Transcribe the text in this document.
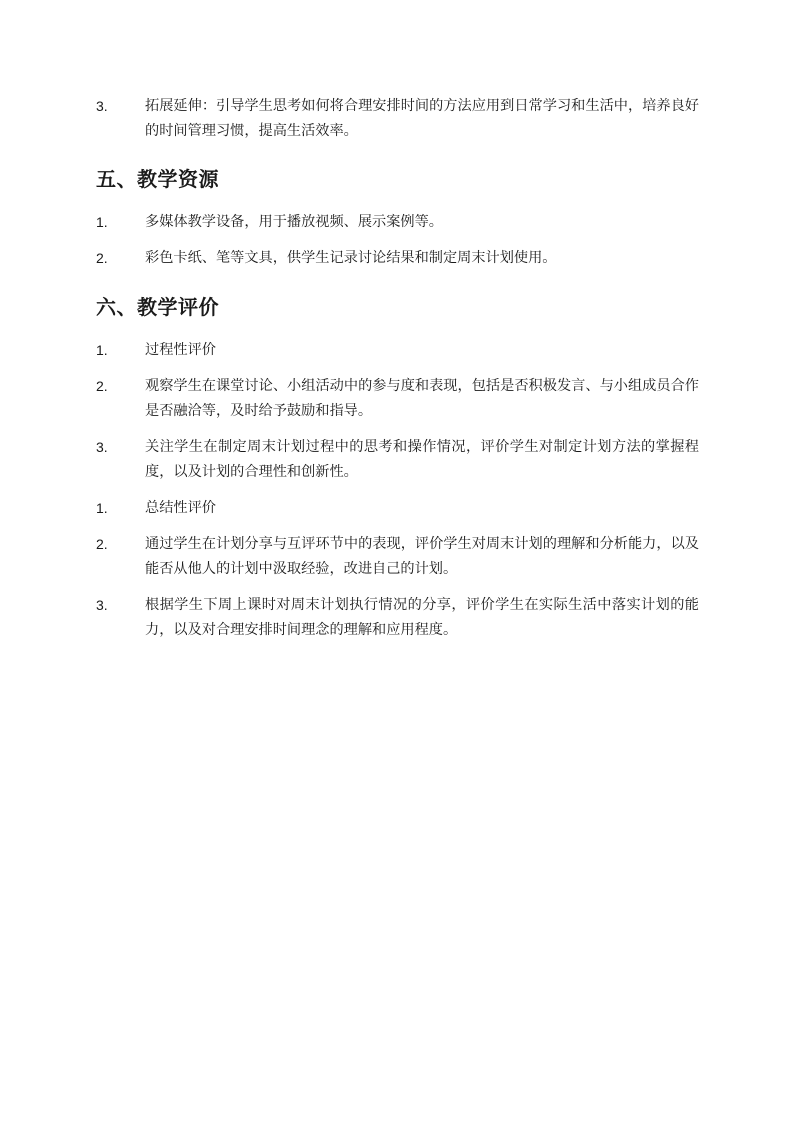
3.	拓展延伸：引导学生思考如何将合理安排时间的方法应用到日常学习和生活中，培养良好的时间管理习惯，提高生活效率。
五、教学资源
1.	多媒体教学设备，用于播放视频、展示案例等。
2.	彩色卡纸、笔等文具，供学生记录讨论结果和制定周末计划使用。
六、教学评价
1.	过程性评价
2.	观察学生在课堂讨论、小组活动中的参与度和表现，包括是否积极发言、与小组成员合作是否融洽等，及时给予鼓励和指导。
3.	关注学生在制定周末计划过程中的思考和操作情况，评价学生对制定计划方法的掌握程度，以及计划的合理性和创新性。
1.	总结性评价
2.	通过学生在计划分享与互评环节中的表现，评价学生对周末计划的理解和分析能力，以及能否从他人的计划中汲取经验，改进自己的计划。
3.	根据学生下周上课时对周末计划执行情况的分享，评价学生在实际生活中落实计划的能力，以及对合理安排时间理念的理解和应用程度。
